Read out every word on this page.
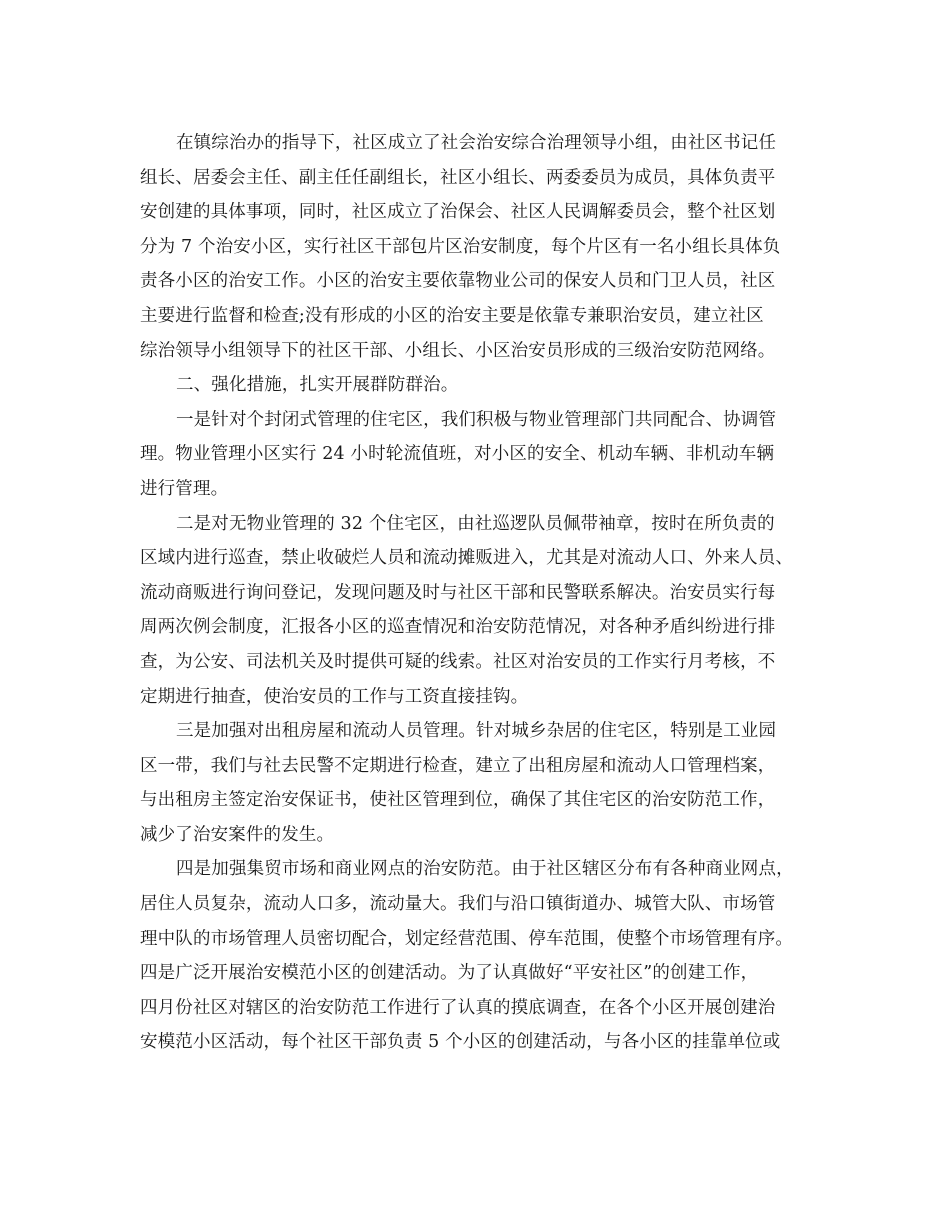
在镇综治办的指导下，社区成立了社会治安综合治理领导小组，由社区书记任
组长、居委会主任、副主任任副组长，社区小组长、两委委员为成员，具体负责平
安创建的具体事项，同时，社区成立了治保会、社区人民调解委员会，整个社区划
分为 7 个治安小区，实行社区干部包片区治安制度，每个片区有一名小组长具体负
责各小区的治安工作。小区的治安主要依靠物业公司的保安人员和门卫人员，社区
主要进行监督和检查;没有形成的小区的治安主要是依靠专兼职治安员，建立社区
综治领导小组领导下的社区干部、小组长、小区治安员形成的三级治安防范网络。
二、强化措施，扎实开展群防群治。
一是针对个封闭式管理的住宅区，我们积极与物业管理部门共同配合、协调管
理。物业管理小区实行 24 小时轮流值班，对小区的安全、机动车辆、非机动车辆
进行管理。
二是对无物业管理的 32 个住宅区，由社巡逻队员佩带袖章，按时在所负责的
区域内进行巡查，禁止收破烂人员和流动摊贩进入，尤其是对流动人口、外来人员、
流动商贩进行询问登记，发现问题及时与社区干部和民警联系解决。治安员实行每
周两次例会制度，汇报各小区的巡查情况和治安防范情况，对各种矛盾纠纷进行排
查，为公安、司法机关及时提供可疑的线索。社区对治安员的工作实行月考核，不
定期进行抽查，使治安员的工作与工资直接挂钩。
三是加强对出租房屋和流动人员管理。针对城乡杂居的住宅区，特别是工业园
区一带，我们与社去民警不定期进行检查，建立了出租房屋和流动人口管理档案，
与出租房主签定治安保证书，使社区管理到位，确保了其住宅区的治安防范工作，
减少了治安案件的发生。
四是加强集贸市场和商业网点的治安防范。由于社区辖区分布有各种商业网点，
居住人员复杂，流动人口多，流动量大。我们与沿口镇街道办、城管大队、市场管
理中队的市场管理人员密切配合，划定经营范围、停车范围，使整个市场管理有序。
四是广泛开展治安模范小区的创建活动。为了认真做好“平安社区”的创建工作，
四月份社区对辖区的治安防范工作进行了认真的摸底调查，在各个小区开展创建治
安模范小区活动，每个社区干部负责 5 个小区的创建活动，与各小区的挂靠单位或
